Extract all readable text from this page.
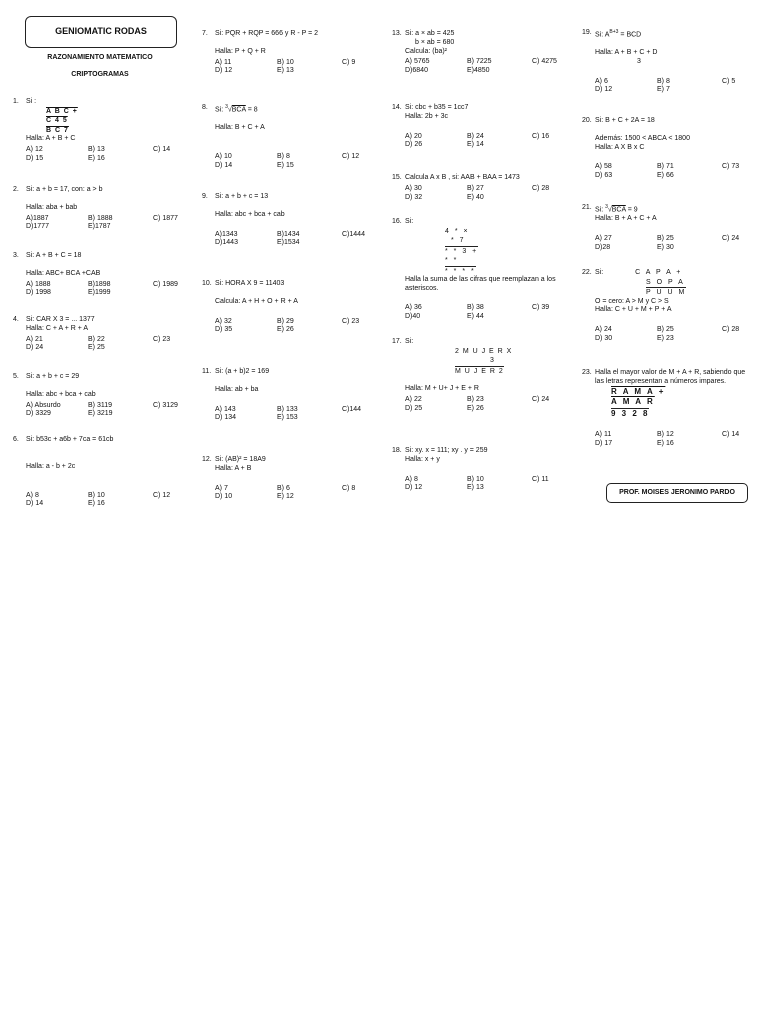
GENIOMATIC RODAS
RAZONAMIENTO MATEMATICO
CRIPTOGRAMAS
1. Si :
A B C +
C 4 5
B C 7
Halla: A + B + C
A) 12	B) 13	C) 14
D) 15	E) 16
2. Si: a + b = 17, con: a > b
Halla: aba + bab
A)1887	B) 1888	C) 1877
D)1777	E)1787
3. Si: A + B + C = 18
Halla: ABC+ BCA +CAB
A) 1888	B)1898	C) 1989
D) 1998	E)1999
4. Si: CAR X 3 = ... 1377
Halla: C + A + R + A
A) 21	B) 22	C) 23
D) 24	E) 25
5. Si: a + b + c = 29
Halla: abc + bca + cab
A) Absurdo	B) 3119	C) 3129
D) 3329	E) 3219
6. Si: b53c + a6b + 7ca = 61cb
Halla: a - b + 2c
A) 8	B) 10	C) 12
D) 14	E) 16
7. Si: PQR + RQP = 666 y R - P = 2
Halla: P + Q + R
A) 11	B) 10	C) 9
D) 12	E) 13
8. Si: $^3$√BCA = 8
Halla: B + C + A
A) 10	B) 8	C) 12
D) 14	E) 15
9. Si: a + b + c = 13
Halla: abc + bca + cab
A)1343	B)1434	C)1444
D)1443	E)1534
10. Si: HORA X 9 = 11403
Calcula: A + H + O + R + A
A) 32	B) 29	C) 23
D) 35	E) 26
11. Si: (a + b)2 = 169
Halla: ab + ba
A) 143	B) 133	C)144
D) 134	E) 153
12. Si: (AB)² = 18A9
Halla: A + B
A) 7	B) 6	C) 8
D) 10	E) 12
13. Si: a × ab = 425
b × ab = 680
Calcula: (ba)²
A) 5765	B) 7225	C) 4275
D)6840	E)4850
14. Si: cbc + b35 = 1cc7
Halla: 2b + 3c
A) 20	B) 24	C) 16
D) 26	E) 14
15. Calcula A x B , si: AAB + BAA = 1473
A) 30	B) 27	C) 28
D) 32	E) 40
16. Si:
4 * ×
* 7
* * 3 +
* *
* * * *
Halla la suma de las cifras que reemplazan a los asteriscos.
A) 36	B) 38	C) 39
D)40	E) 44
17. Si:
2 M U J E R X
3
M U J E R 2
Halla: M + U+ J + E + R
A) 22	B) 23	C) 24
D) 25	E) 26
18. Si: xy. x = 111; xy . y = 259
Halla: x + y
A) 8	B) 10	C) 11
D) 12	E) 13
19. Si: $A^{B+3}$ = BCD
Halla: A + B + C + D
3
A) 6	B) 8	C) 5
D) 12	E) 7
20. Si: B + C + 2A = 18
Además: 1500 < ABCA < 1800
Halla: A X B x C
A) 58	B) 71	C) 73
D) 63	E) 66
21. Si: $^3$√BCA = 9
Halla: B + A + C + A
A) 27	B) 25	C) 24
D)28	E) 30
22. Si:	C A P A +
S O P A
P U U M
O = cero: A > M y C > S
Halla: C + U + M + P + A
A) 24	B) 25	C) 28
D) 30	E) 23
23. Halla el mayor valor de M + A + R, sabiendo que las letras representan a números impares.
R A M A +
A M A R
9 3 2 8
A) 11	B) 12	C) 14
D) 17	E) 16
PROF. MOISES JERONIMO PARDO
